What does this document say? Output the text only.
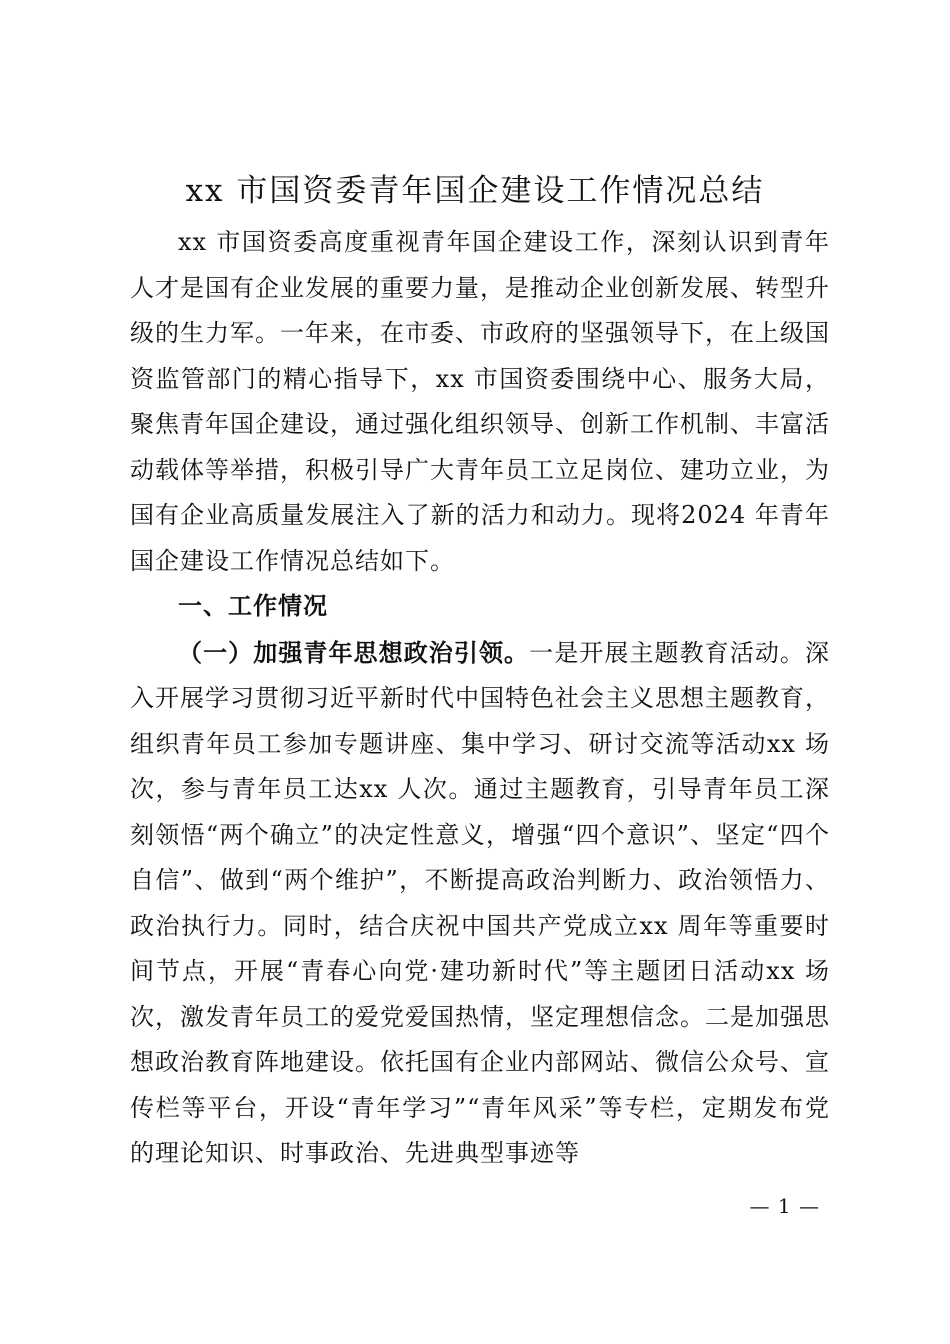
xx 市国资委青年国企建设工作情况总结

xx 市国资委高度重视青年国企建设工作，深刻认识到青年人才是国有企业发展的重要力量，是推动企业创新发展、转型升级的生力军。一年来，在市委、市政府的坚强领导下，在上级国资监管部门的精心指导下，xx 市国资委围绕中心、服务大局，聚焦青年国企建设，通过强化组织领导、创新工作机制、丰富活动载体等举措，积极引导广大青年员工立足岗位、建功立业，为国有企业高质量发展注入了新的活力和动力。现将2024 年青年国企建设工作情况总结如下。

一、工作情况

（一）加强青年思想政治引领。一是开展主题教育活动。深入开展学习贯彻习近平新时代中国特色社会主义思想主题教育，组织青年员工参加专题讲座、集中学习、研讨交流等活动xx 场次，参与青年员工达xx 人次。通过主题教育，引导青年员工深刻领悟“两个确立”的决定性意义，增强“四个意识”、坚定“四个自信”、做到“两个维护”，不断提高政治判断力、政治领悟力、政治执行力。同时，结合庆祝中国共产党成立xx 周年等重要时间节点，开展“青春心向党·建功新时代”等主题团日活动xx 场次，激发青年员工的爱党爱国热情，坚定理想信念。二是加强思想政治教育阵地建设。依托国有企业内部网站、微信公众号、宣传栏等平台，开设“青年学习”“青年风采”等专栏，定期发布党的理论知识、时事政治、先进典型事迹等

— 1 —
